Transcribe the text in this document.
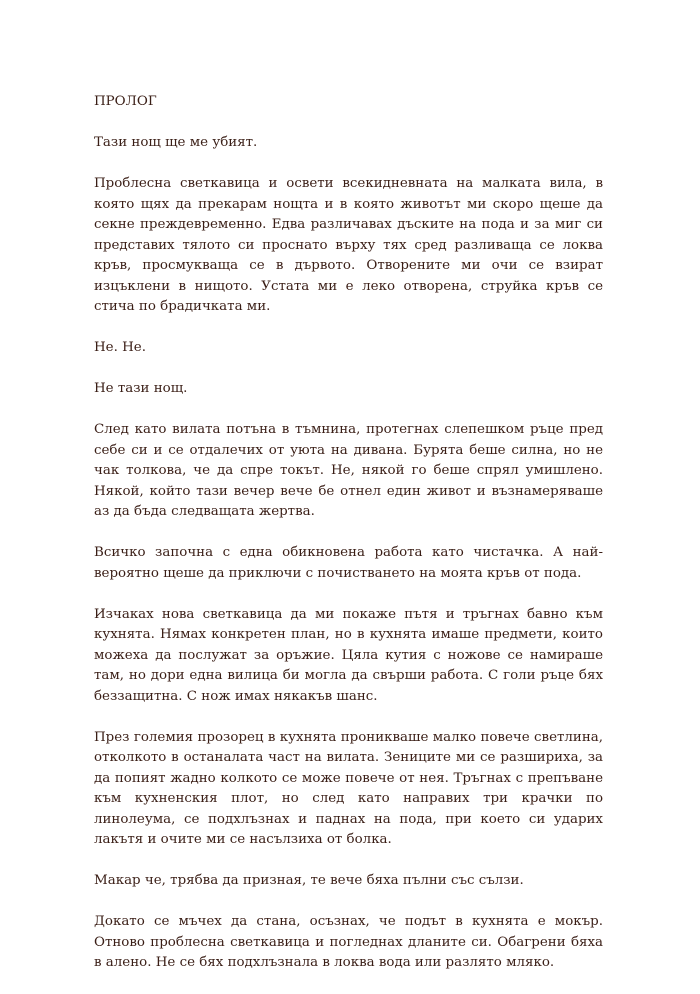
ПРОЛОГ

Тази нощ ще ме убият.

Проблесна светкавица и освети всекидневната на малката вила, в която щях да прекарам нощта и в която животът ми скоро щеше да секне преждевременно. Едва различавах дъските на пода и за миг си представих тялото си проснато върху тях сред разливаща се локва кръв, просмукваща се в дървото. Отворените ми очи се взират изцъклени в нищото. Устата ми е леко отворена, струйка кръв се стича по брадичката ми.

Не. Не.

Не тази нощ.

След като вилата потъна в тъмнина, протегнах слепешком ръце пред себе си и се отдалечих от уюта на дивана. Бурята беше силна, но не чак толкова, че да спре токът. Не, някой го беше спрял умишлено. Някой, който тази вечер вече бе отнел един живот и възнамеряваше аз да бъда следващата жертва.

Всичко започна с една обикновена работа като чистачка. А най-вероятно щеше да приключи с почистването на моята кръв от пода.

Изчаках нова светкавица да ми покаже пътя и тръгнах бавно към кухнята. Нямах конкретен план, но в кухнята имаше предмети, които можеха да послужат за оръжие. Цяла кутия с ножове се намираше там, но дори една вилица би могла да свърши работа. С голи ръце бях беззащитна. С нож имах някакъв шанс.

През големия прозорец в кухнята проникваше малко повече светлина, отколкото в останалата част на вилата. Зениците ми се разшириха, за да попият жадно колкото се може повече от нея. Тръгнах с препъване към кухненския плот, но след като направих три крачки по линолеума, се подхлъзнах и паднах на пода, при което си ударих лакътя и очите ми се насълзиха от болка.

Макар че, трябва да призная, те вече бяха пълни със сълзи.

Докато се мъчех да стана, осъзнах, че подът в кухнята е мокър. Отново проблесна светкавица и погледнах дланите си. Обагрени бяха в алено. Не се бях подхлъзнала в локва вода или разлято мляко.
